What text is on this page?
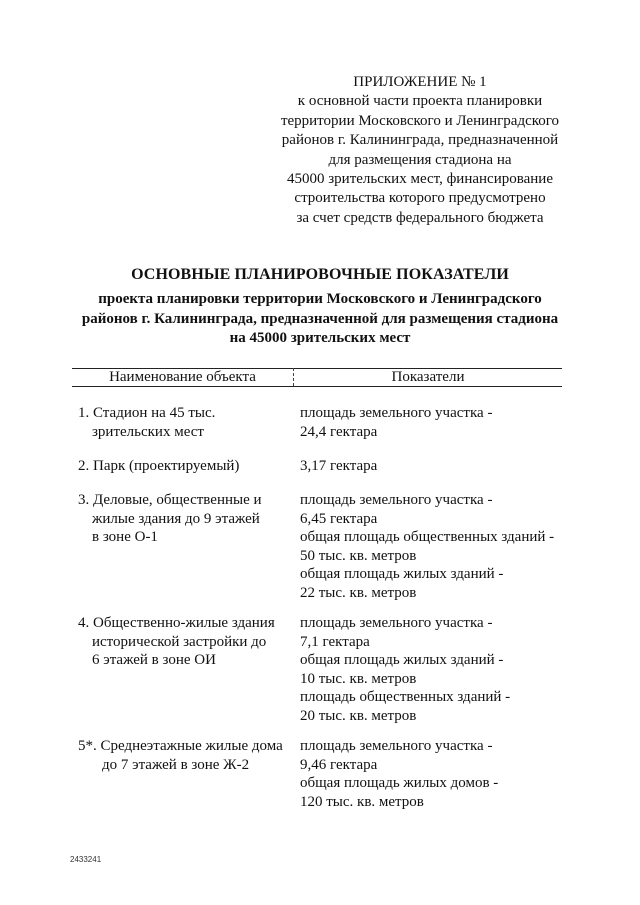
ПРИЛОЖЕНИЕ № 1
к основной части проекта планировки
территории Московского и Ленинградского
районов г. Калининграда, предназначенной
для размещения стадиона на
45000 зрительских мест, финансирование
строительства которого предусмотрено
за счет средств федерального бюджета
ОСНОВНЫЕ ПЛАНИРОВОЧНЫЕ ПОКАЗАТЕЛИ
проекта планировки территории Московского и Ленинградского
районов г. Калининграда, предназначенной для размещения стадиона
на 45000 зрительских мест
Наименование объекта	Показатели
1. Стадион на 45 тыс.
зрительских мест
площадь земельного участка -
24,4 гектара
2. Парк (проектируемый)	3,17 гектара
3. Деловые, общественные и
жилые здания до 9 этажей
в зоне О-1
площадь земельного участка -
6,45 гектара
общая площадь общественных зданий -
50 тыс. кв. метров
общая площадь жилых зданий -
22 тыс. кв. метров
4. Общественно-жилые здания
исторической застройки до
6 этажей в зоне ОИ
площадь земельного участка -
7,1 гектара
общая площадь жилых зданий -
10 тыс. кв. метров
площадь общественных зданий -
20 тыс. кв. метров
5*. Среднеэтажные жилые дома
до 7 этажей в зоне Ж-2
площадь земельного участка -
9,46 гектара
общая площадь жилых домов -
120 тыс. кв. метров
2433241
